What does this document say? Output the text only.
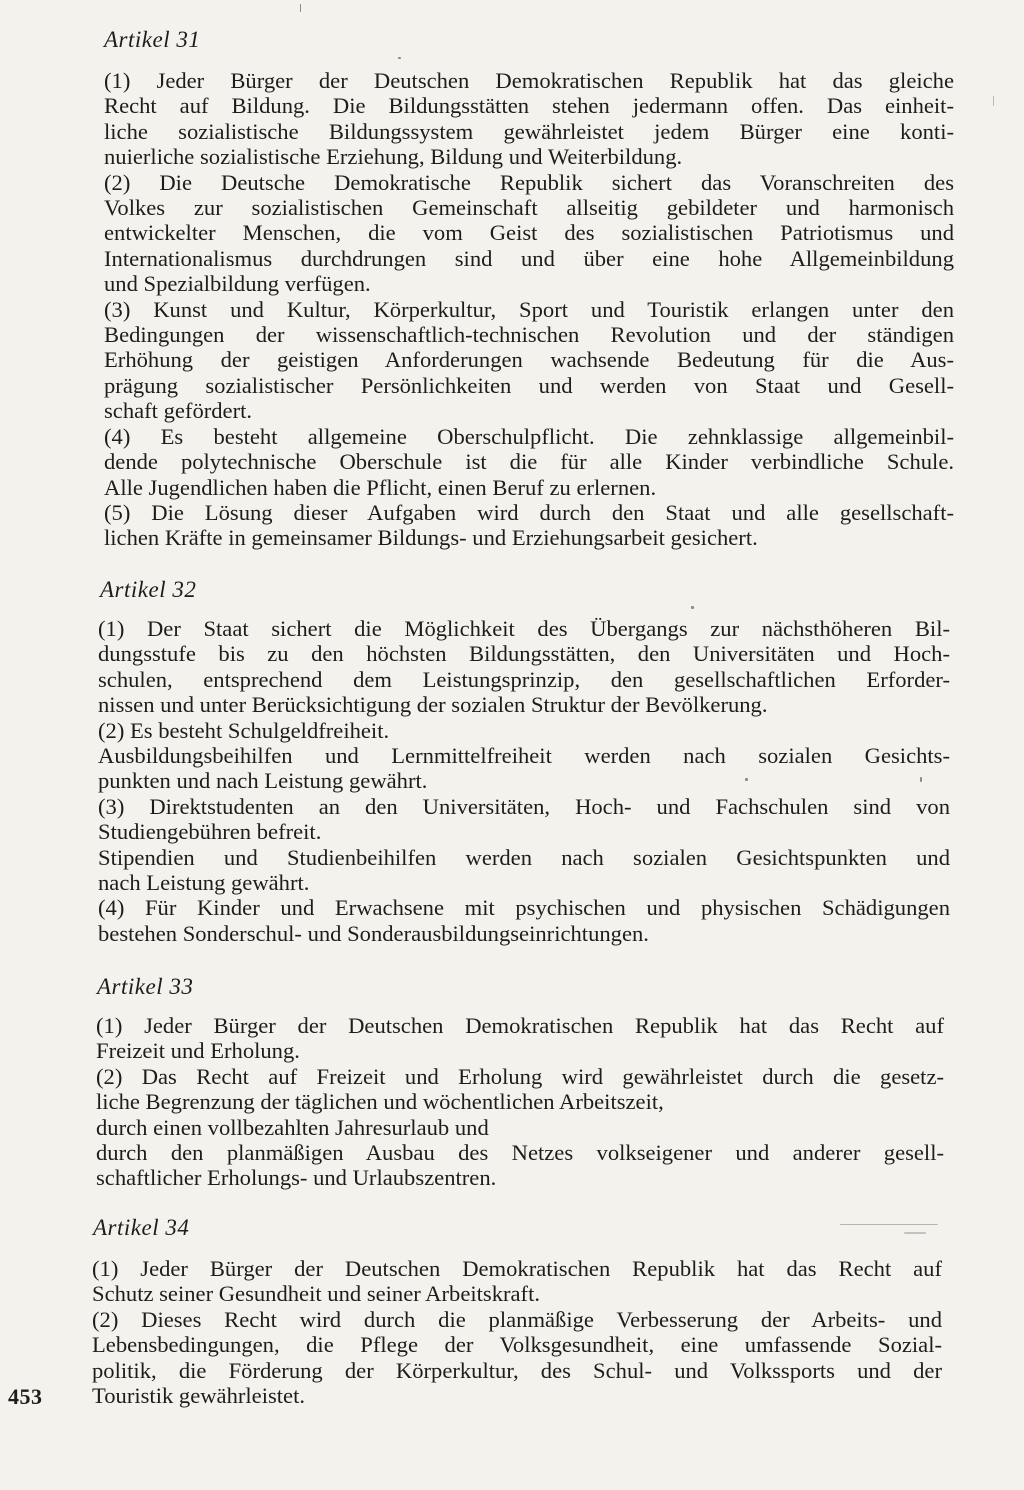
Artikel 31
(1) Jeder Bürger der Deutschen Demokratischen Republik hat das gleiche
Recht auf Bildung. Die Bildungsstätten stehen jedermann offen. Das einheit-
liche sozialistische Bildungssystem gewährleistet jedem Bürger eine konti-
nuierliche sozialistische Erziehung, Bildung und Weiterbildung.
(2) Die Deutsche Demokratische Republik sichert das Voranschreiten des
Volkes zur sozialistischen Gemeinschaft allseitig gebildeter und harmonisch
entwickelter Menschen, die vom Geist des sozialistischen Patriotismus und
Internationalismus durchdrungen sind und über eine hohe Allgemeinbildung
und Spezialbildung verfügen.
(3) Kunst und Kultur, Körperkultur, Sport und Touristik erlangen unter den
Bedingungen der wissenschaftlich-technischen Revolution und der ständigen
Erhöhung der geistigen Anforderungen wachsende Bedeutung für die Aus-
prägung sozialistischer Persönlichkeiten und werden von Staat und Gesell-
schaft gefördert.
(4) Es besteht allgemeine Oberschulpflicht. Die zehnklassige allgemeinbil-
dende polytechnische Oberschule ist die für alle Kinder verbindliche Schule.
Alle Jugendlichen haben die Pflicht, einen Beruf zu erlernen.
(5) Die Lösung dieser Aufgaben wird durch den Staat und alle gesellschaft-
lichen Kräfte in gemeinsamer Bildungs- und Erziehungsarbeit gesichert.
Artikel 32
(1) Der Staat sichert die Möglichkeit des Übergangs zur nächsthöheren Bil-
dungsstufe bis zu den höchsten Bildungsstätten, den Universitäten und Hoch-
schulen, entsprechend dem Leistungsprinzip, den gesellschaftlichen Erforder-
nissen und unter Berücksichtigung der sozialen Struktur der Bevölkerung.
(2) Es besteht Schulgeldfreiheit.
Ausbildungsbeihilfen und Lernmittelfreiheit werden nach sozialen Gesichts-
punkten und nach Leistung gewährt.
(3) Direktstudenten an den Universitäten, Hoch- und Fachschulen sind von
Studiengebühren befreit.
Stipendien und Studienbeihilfen werden nach sozialen Gesichtspunkten und
nach Leistung gewährt.
(4) Für Kinder und Erwachsene mit psychischen und physischen Schädigungen
bestehen Sonderschul- und Sonderausbildungseinrichtungen.
Artikel 33
(1) Jeder Bürger der Deutschen Demokratischen Republik hat das Recht auf
Freizeit und Erholung.
(2) Das Recht auf Freizeit und Erholung wird gewährleistet durch die gesetz-
liche Begrenzung der täglichen und wöchentlichen Arbeitszeit,
durch einen vollbezahlten Jahresurlaub und
durch den planmäßigen Ausbau des Netzes volkseigener und anderer gesell-
schaftlicher Erholungs- und Urlaubszentren.
Artikel 34
(1) Jeder Bürger der Deutschen Demokratischen Republik hat das Recht auf
Schutz seiner Gesundheit und seiner Arbeitskraft.
(2) Dieses Recht wird durch die planmäßige Verbesserung der Arbeits- und
Lebensbedingungen, die Pflege der Volksgesundheit, eine umfassende Sozial-
politik, die Förderung der Körperkultur, des Schul- und Volkssports und der
Touristik gewährleistet.
453
